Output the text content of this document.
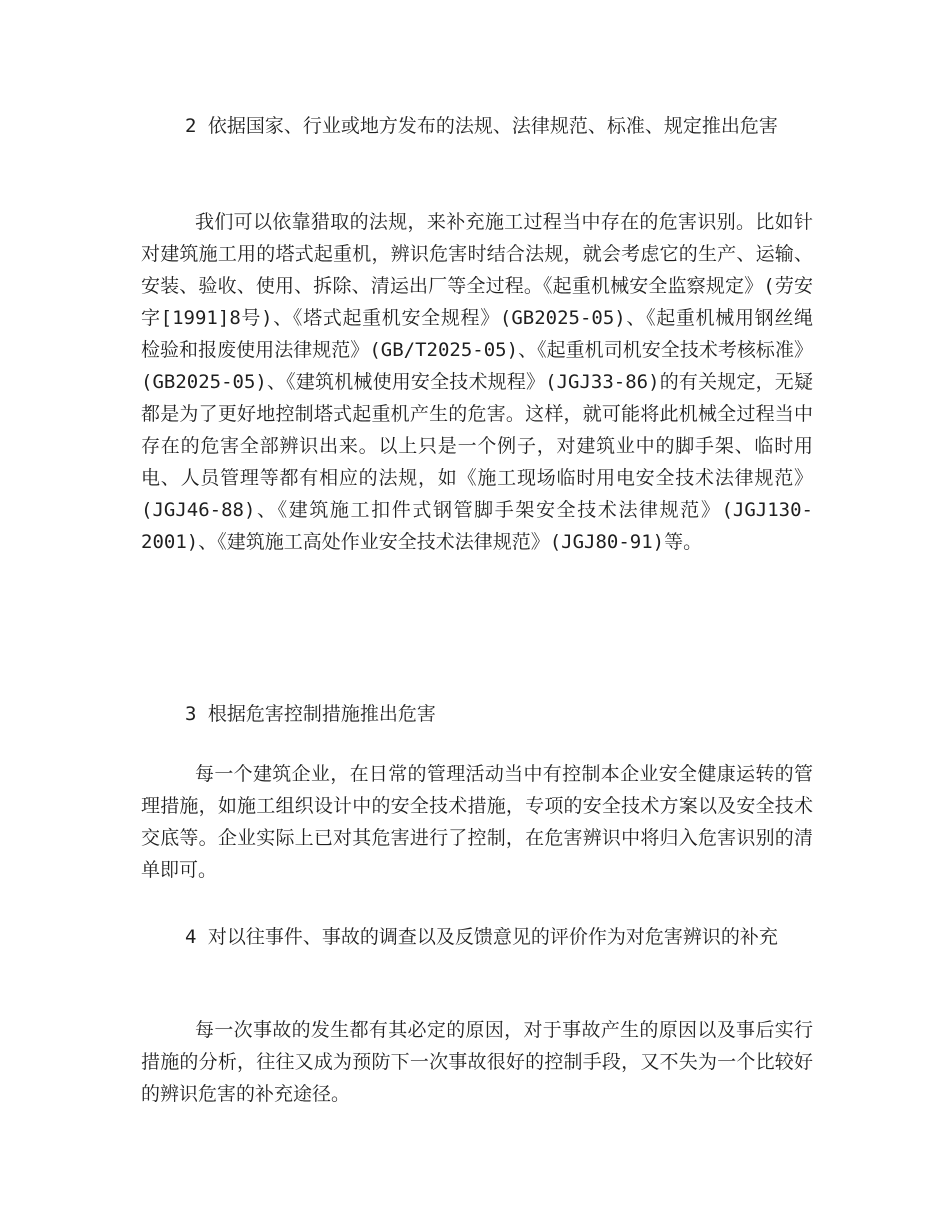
2 依据国家、行业或地方发布的法规、法律规范、标准、规定推出危害

我们可以依靠猎取的法规，来补充施工过程当中存在的危害识别。比如针对建筑施工用的塔式起重机，辨识危害时结合法规，就会考虑它的生产、运输、安装、验收、使用、拆除、清运出厂等全过程。《起重机械安全监察规定》(劳安字[1991]8号)、《塔式起重机安全规程》(GB2025-05)、《起重机械用钢丝绳检验和报废使用法律规范》(GB/T2025-05)、《起重机司机安全技术考核标准》(GB2025-05)、《建筑机械使用安全技术规程》(JGJ33-86)的有关规定，无疑都是为了更好地控制塔式起重机产生的危害。这样，就可能将此机械全过程当中存在的危害全部辨识出来。以上只是一个例子，对建筑业中的脚手架、临时用电、人员管理等都有相应的法规，如《施工现场临时用电安全技术法律规范》(JGJ46-88)、《建筑施工扣件式钢管脚手架安全技术法律规范》(JGJ130-2001)、《建筑施工高处作业安全技术法律规范》(JGJ80-91)等。

3 根据危害控制措施推出危害

每一个建筑企业，在日常的管理活动当中有控制本企业安全健康运转的管理措施，如施工组织设计中的安全技术措施，专项的安全技术方案以及安全技术交底等。企业实际上已对其危害进行了控制，在危害辨识中将归入危害识别的清单即可。

4 对以往事件、事故的调查以及反馈意见的评价作为对危害辨识的补充

每一次事故的发生都有其必定的原因，对于事故产生的原因以及事后实行措施的分析，往往又成为预防下一次事故很好的控制手段，又不失为一个比较好的辨识危害的补充途径。
